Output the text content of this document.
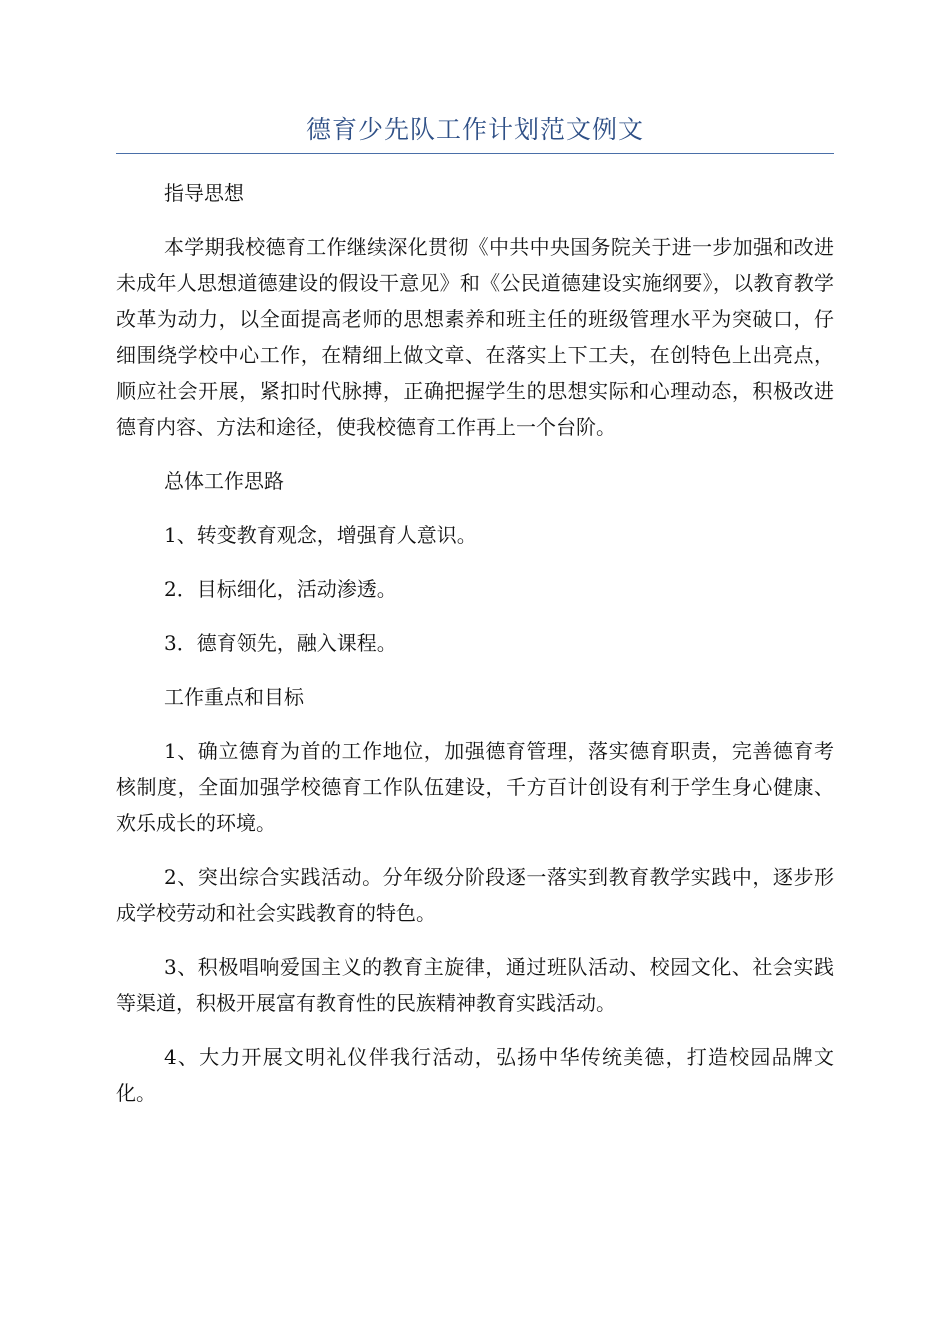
德育少先队工作计划范文例文

指导思想

本学期我校德育工作继续深化贯彻《中共中央国务院关于进一步加强和改进未成年人思想道德建设的假设干意见》和《公民道德建设实施纲要》，以教育教学改革为动力，以全面提高老师的思想素养和班主任的班级管理水平为突破口，仔细围绕学校中心工作，在精细上做文章、在落实上下工夫，在创特色上出亮点，顺应社会开展，紧扣时代脉搏，正确把握学生的思想实际和心理动态，积极改进德育内容、方法和途径，使我校德育工作再上一个台阶。

总体工作思路

1、转变教育观念，增强育人意识。

2．目标细化，活动渗透。

3．德育领先，融入课程。

工作重点和目标

1、确立德育为首的工作地位，加强德育管理，落实德育职责，完善德育考核制度，全面加强学校德育工作队伍建设，千方百计创设有利于学生身心健康、欢乐成长的环境。

2、突出综合实践活动。分年级分阶段逐一落实到教育教学实践中，逐步形成学校劳动和社会实践教育的特色。

3、积极唱响爱国主义的教育主旋律，通过班队活动、校园文化、社会实践等渠道，积极开展富有教育性的民族精神教育实践活动。

4、大力开展文明礼仪伴我行活动，弘扬中华传统美德，打造校园品牌文化。
